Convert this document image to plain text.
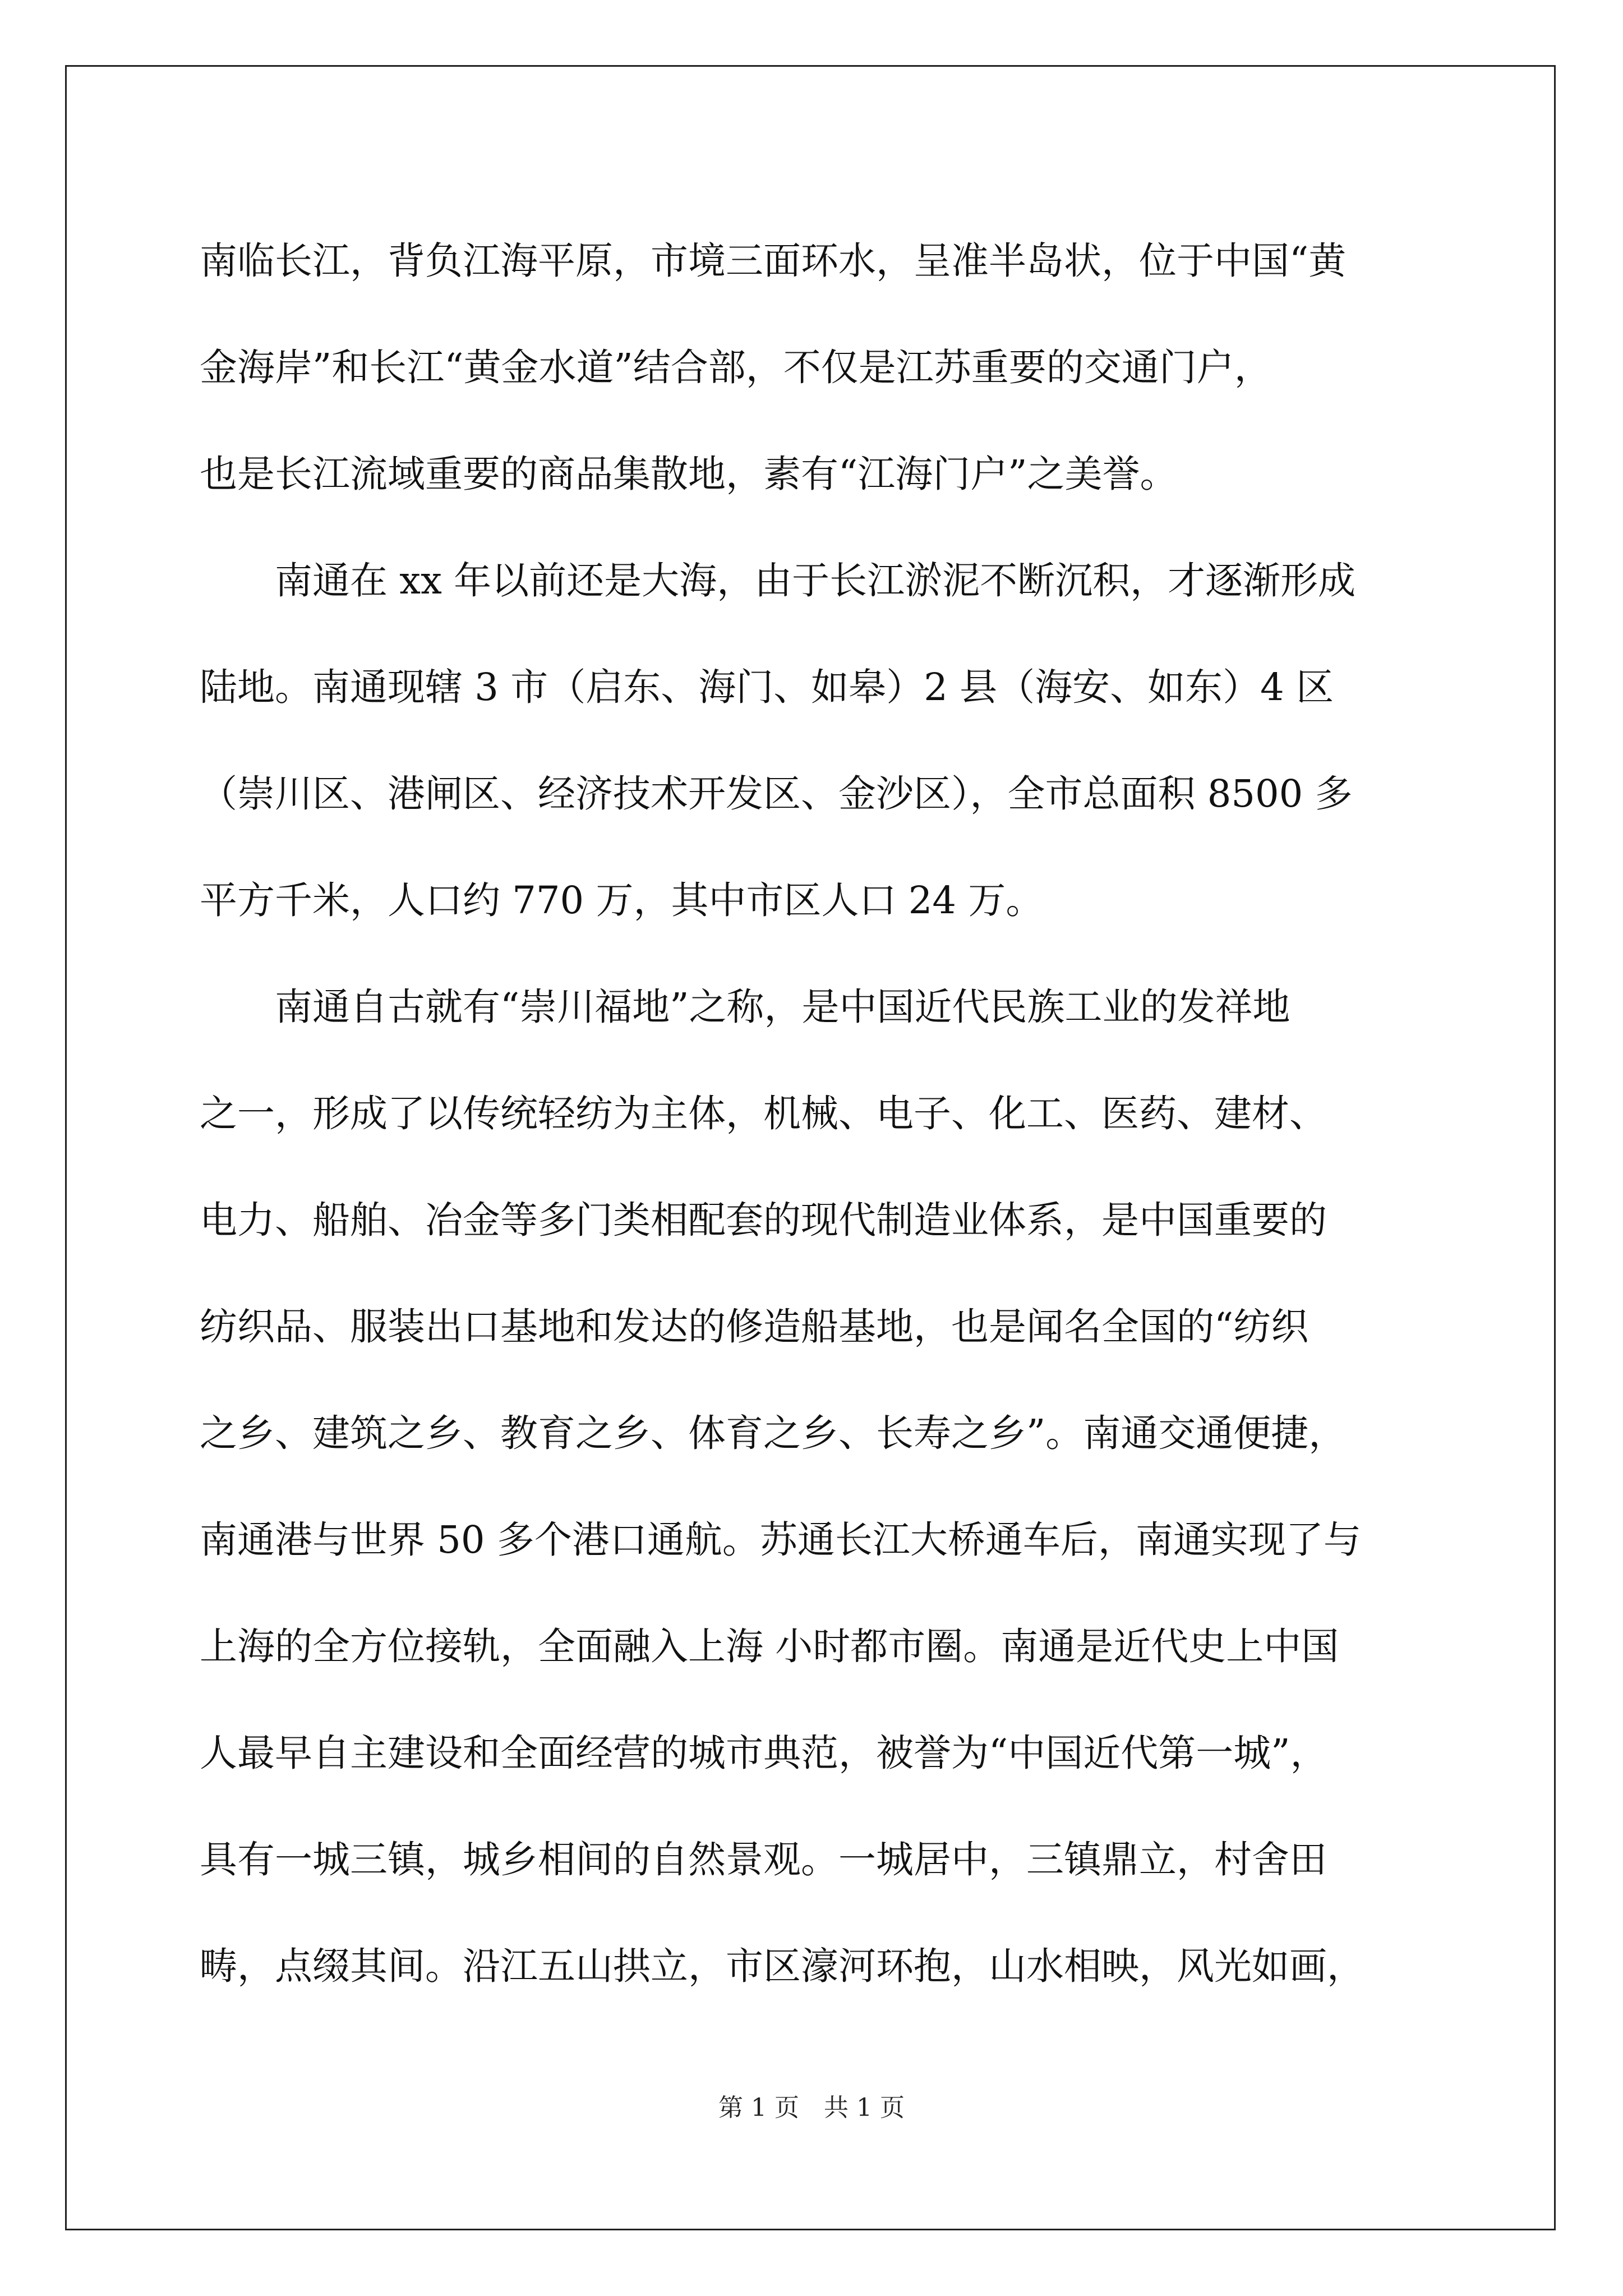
南临长江，背负江海平原，市境三面环水，呈准半岛状，位于中国“黄
金海岸”和长江“黄金水道”结合部，不仅是江苏重要的交通门户，
也是长江流域重要的商品集散地，素有“江海门户”之美誉。
　　南通在 xx 年以前还是大海，由于长江淤泥不断沉积，才逐渐形成
陆地。南通现辖 3 市（启东、海门、如皋）2 县（海安、如东）4 区
（崇川区、港闸区、经济技术开发区、金沙区），全市总面积 8500 多
平方千米，人口约 770 万，其中市区人口 24 万。
　　南通自古就有“崇川福地”之称，是中国近代民族工业的发祥地
之一，形成了以传统轻纺为主体，机械、电子、化工、医药、建材、
电力、船舶、冶金等多门类相配套的现代制造业体系，是中国重要的
纺织品、服装出口基地和发达的修造船基地，也是闻名全国的“纺织
之乡、建筑之乡、教育之乡、体育之乡、长寿之乡”。南通交通便捷，
南通港与世界 50 多个港口通航。苏通长江大桥通车后，南通实现了与
上海的全方位接轨，全面融入上海 小时都市圈。南通是近代史上中国
人最早自主建设和全面经营的城市典范，被誉为“中国近代第一城”，
具有一城三镇，城乡相间的自然景观。一城居中，三镇鼎立，村舍田
畴，点缀其间。沿江五山拱立，市区濠河环抱，山水相映，风光如画，
第 1 页　共 1 页
